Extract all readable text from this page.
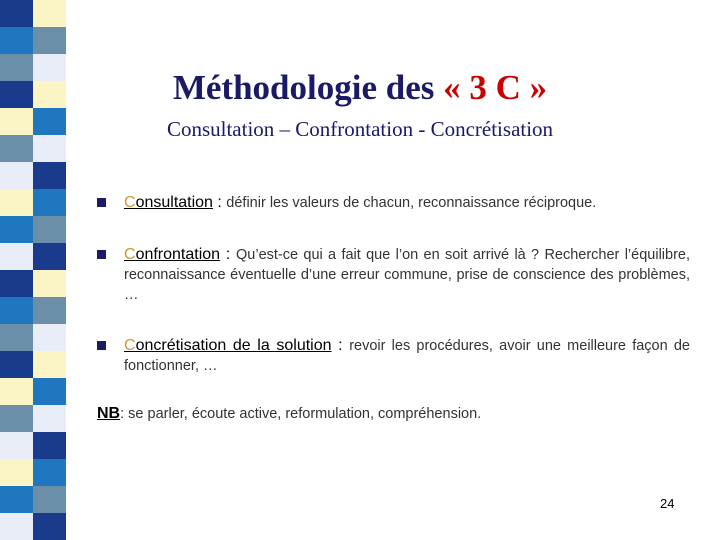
Méthodologie des « 3 C »
Consultation – Confrontation - Concrétisation
Consultation : définir les valeurs de chacun, reconnaissance réciproque.
Confrontation : Qu’est-ce qui a fait que l’on en soit arrivé là ? Rechercher l’équilibre, reconnaissance éventuelle d’une erreur commune, prise de conscience des problèmes, …
Concrétisation de la solution : revoir les procédures, avoir une meilleure façon de fonctionner, …
NB: se parler, écoute active, reformulation, compréhension.
24
